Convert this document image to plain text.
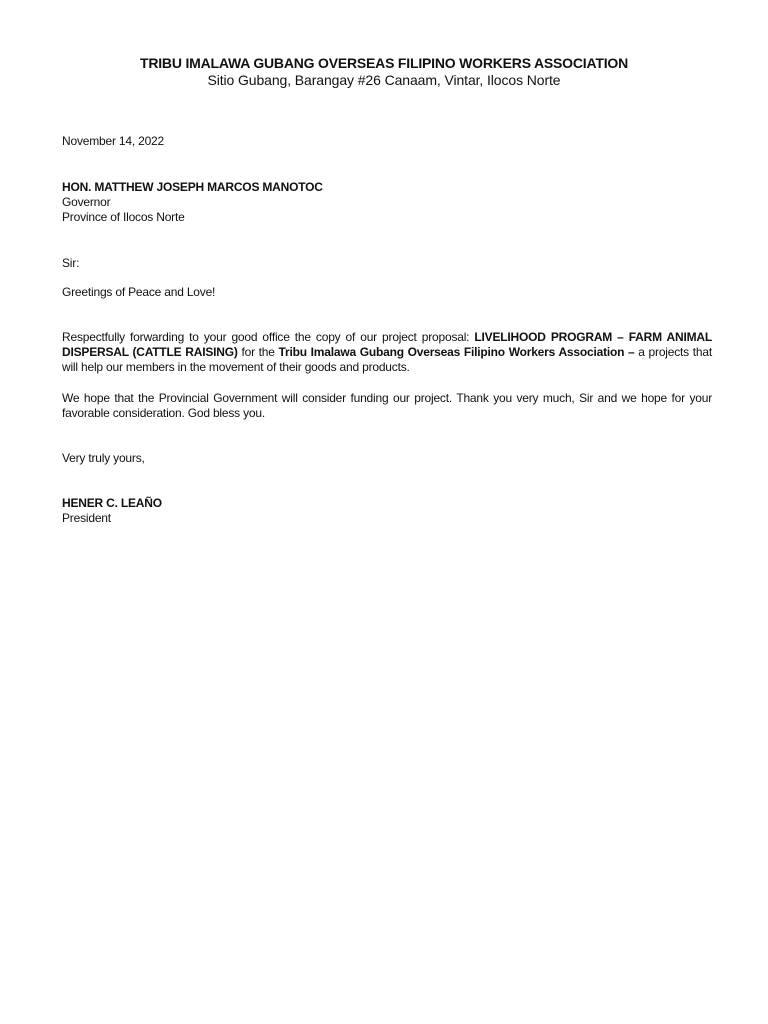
TRIBU IMALAWA GUBANG OVERSEAS FILIPINO WORKERS ASSOCIATION
Sitio Gubang, Barangay #26 Canaam, Vintar, Ilocos Norte
November 14, 2022
HON. MATTHEW JOSEPH MARCOS MANOTOC
Governor
Province of Ilocos Norte
Sir:
Greetings of Peace and Love!
Respectfully forwarding to your good office the copy of our project proposal: LIVELIHOOD PROGRAM – FARM ANIMAL DISPERSAL (CATTLE RAISING) for the Tribu Imalawa Gubang Overseas Filipino Workers Association – a projects that will help our members in the movement of their goods and products.
We hope that the Provincial Government will consider funding our project. Thank you very much, Sir and we hope for your favorable consideration. God bless you.
Very truly yours,
HENER C. LEAÑO
President
